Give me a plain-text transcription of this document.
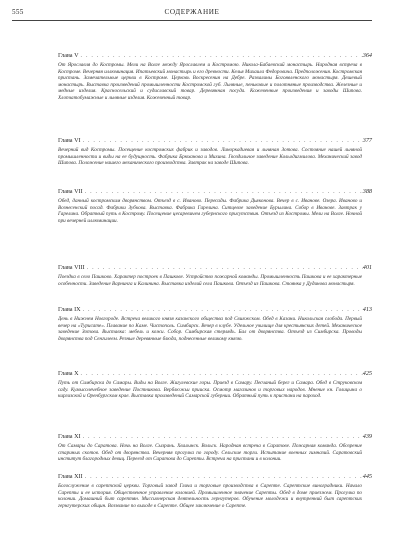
555	СОДЕРЖАНИЕ
Глава V . . .	364
От Ярославля до Костромы. Мели на Волге между Ярославлем и Костромою. Никола-Бабаевский монастырь. Народная встреча в Костроме. Вечерняя иллюминация. Ипатьевский монастырь и его древности. Келья Михаила Федоровича. Предположения. Костромская пристань. Замечательные церкви в Костроме. Церковь Воскресения на Дебре. Развалины Богоявленского монастыря. Дешевый монастырь. Выставка произведений промышленности Костромской губ. Льняные, пеньковые и полотняные производства. Железные и медные изделия. Красносельский и судиславский товар. Деревянная посуда. Кожевенные произведения и заводы Шипова. Хлопчатобумажные и льняные изделия. Кожевенный товар.
Глава VI . . .	377
Вечерний вид Костромы. Посещение костромских фабрик и заводов. Линоркадиевая и льняная Зотова. Состояние нашей льняной промышленности и виды на ее будущность. Фабрика Брюханова и Михина. Гвоздильное заведение Кольодигмилова. Механический завод Шипова. Положение нашего механического производства. Завтрак на заводе Шипова.
Глава VII . . .	388
Обед, данный костромским дворянством. Отъезд в с. Иваново. Пересады. Фабрика Дьяконова. Вечер в с. Иванове. Озера. Иваново и Вознесенский посад. Фабрики Зубкова. Выставка. Фабрика Гарелина. Ситцевое заведение Бурылина. Собор в Иванове. Завтрак у Гарелина. Обратный путь в Кострому. Посещение цесаревичем губернского присутствия. Отъезд из Костромы. Мели на Волге. Ночной при вечерней иллюминации.
Глава VIII . . .	401
Поездка в село Пашково. Характер построек в Пашкове. Устройство пожарной команды. Промышленность Пашкова и ее характерные особенности. Заведение Варнинга и Калинина. Выставка изделий села Пашкова. Отъезд из Пашкова. Стоянка у Дудинова монастыря.
Глава IX . . .	413
День в Нижнем Новгороде. Встреча великого князя казанского общества под Свияжском. Обед в Казани. Никольская слобода. Первый вечер на «Турисате». Плавание по Каме. Чистополь. Симбирск. Вечер в клубе. Удельное училище для крестьянских детей. Механическое заведение Зотова. Выставка: мебель и кожи. Собор. Симбирская стерлядь. Бал от дворянства. Отъезд из Симбирска. Проводы дворянства под Сенгилеем. Резные деревянные блюда, поднесенные великому князю.
Глава X . . .	425
Путь от Симбирска до Самары. Виды на Волге. Жигулевские горы. Приезд в Самару. Песчаный берег и Самара. Обед в Струковском саду. Кумысолечебное заведение Постникова. Верблюжьи прииска. Осмотр магазинов и торговых народов. Мнение кн. Голицына о киргизской и Оренбургском крае. Выставка произведений Самарской губернии. Обратный путь к пристани на пароход.
Глава XI . . .	439
От Самары до Саратова. Ночь на Волге. Сызрань. Хвалынск. Вольск. Народная встреча в Саратове. Пожарная команда. Обозрение стариных скотов. Обед от дворянства. Вечерняя прогулка по городу. Сельские торги. Испытание военных гимназий. Саратовский институт благородных девиц. Переезд от Саратова до Сарепты. Встреча на пристани и в колонии.
Глава XII . . .	445
Богослужение в сарептской церкви. Торговый завод Глича и торговые производства в Сарепте. Сарептские виноградники. Начало Сарепты и ее история. Общественное управление колонией. Промышленное значение Сарепты. Обед в доме приезжем. Прогулка по колонии. Домашний быт сарептян. Миссионерская деятельность гернгутеров. Обучение молодежи и внутренний быт сарептских гернгутерских общин. Воззвание по выходе в Сарепте. Общее заключение о Сарепте.
